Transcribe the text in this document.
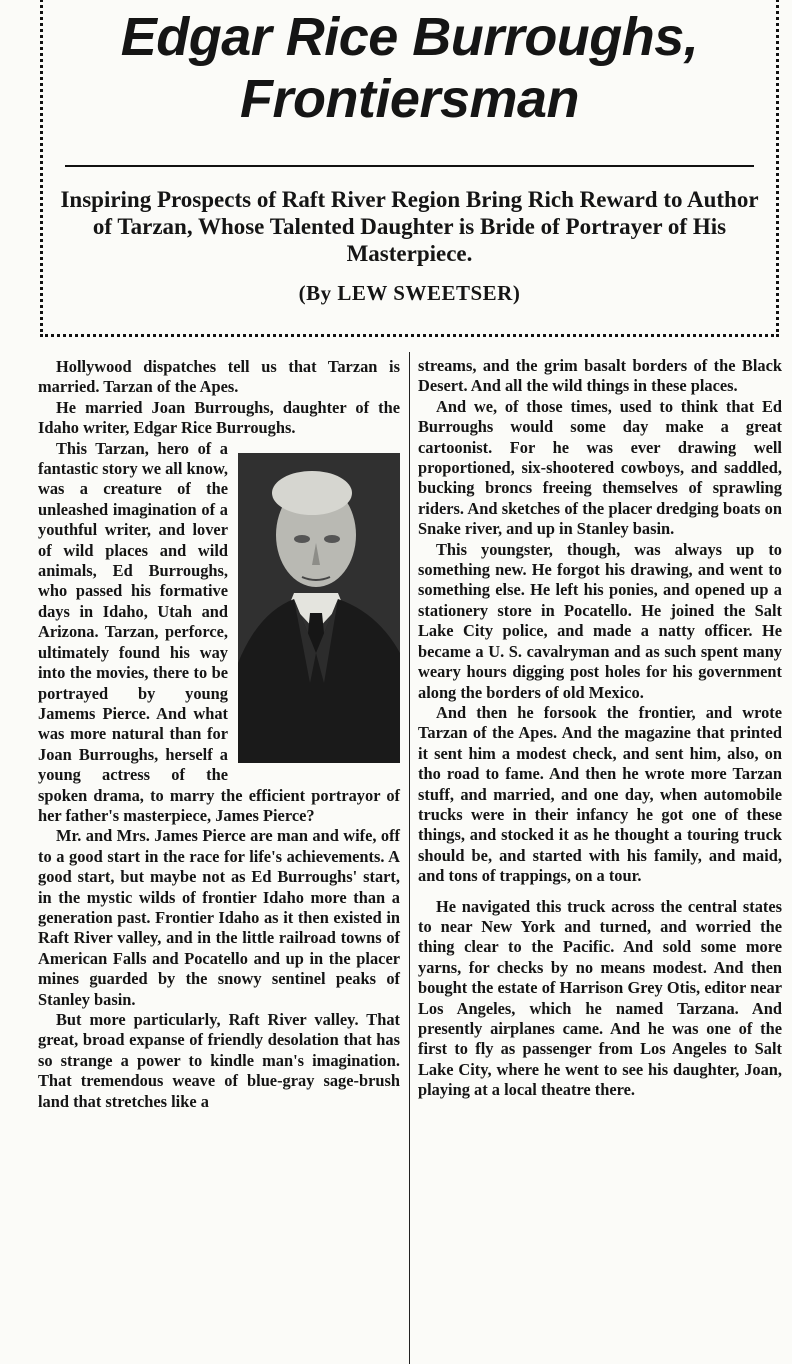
Edgar Rice Burroughs,
Frontiersman
Inspiring Prospects of Raft River Region Bring Rich Reward to Author of Tarzan, Whose Talented Daughter is Bride of Portrayer of His Masterpiece.
(By LEW SWEETSER)

Hollywood dispatches tell us that Tarzan is married. Tarzan of the Apes.

He married Joan Burroughs, daughter of the Idaho writer, Edgar Rice Burroughs.

This Tarzan, hero of a fantastic story we all know, was a creature of the unleashed imagination of a youthful writer, and lover of wild places and wild animals, Ed Burroughs, who passed his formative days in Idaho, Utah and Arizona. Tarzan, perforce, ultimately found his way into the movies, there to be portrayed by young Jamems Pierce. And what was more natural than for Joan Burroughs, herself a young actress of the spoken drama, to marry the efficient portrayor of her father's masterpiece, James Pierce?

Mr. and Mrs. James Pierce are man and wife, off to a good start in the race for life's achievements. A good start, but maybe not as Ed Burroughs' start, in the mystic wilds of frontier Idaho more than a generation past. Frontier Idaho as it then existed in Raft River valley, and in the little railroad towns of American Falls and Pocatello and up in the placer mines guarded by the snowy sentinel peaks of Stanley basin.

But more particularly, Raft River valley. That great, broad expanse of friendly desolation that has so strange a power to kindle man's imagination. That tremendous weave of blue-gray sage-brush land that stretches like a

streams, and the grim basalt borders of the Black Desert. And all the wild things in these places.

And we, of those times, used to think that Ed Burroughs would some day make a great cartoonist. For he was ever drawing well proportioned, six-shootered cowboys, and saddled, bucking broncs freeing themselves of sprawling riders. And sketches of the placer dredging boats on Snake river, and up in Stanley basin.

This youngster, though, was always up to something new. He forgot his drawing, and went to something else. He left his ponies, and opened up a stationery store in Pocatello. He joined the Salt Lake City police, and made a natty officer. He became a U. S. cavalryman and as such spent many weary hours digging post holes for his government along the borders of old Mexico.

And then he forsook the frontier, and wrote Tarzan of the Apes. And the magazine that printed it sent him a modest check, and sent him, also, on tho road to fame. And then he wrote more Tarzan stuff, and married, and one day, when automobile trucks were in their infancy he got one of these things, and stocked it as he thought a touring truck should be, and started with his family, and maid, and tons of trappings, on a tour.

He navigated this truck across the central states to near New York and turned, and worried the thing clear to the Pacific. And sold some more yarns, for checks by no means modest. And then bought the estate of Harrison Grey Otis, editor near Los Angeles, which he named Tarzana. And presently airplanes came. And he was one of the first to fly as passenger from Los Angeles to Salt Lake City, where he went to see his daughter, Joan, playing at a local theatre there.
